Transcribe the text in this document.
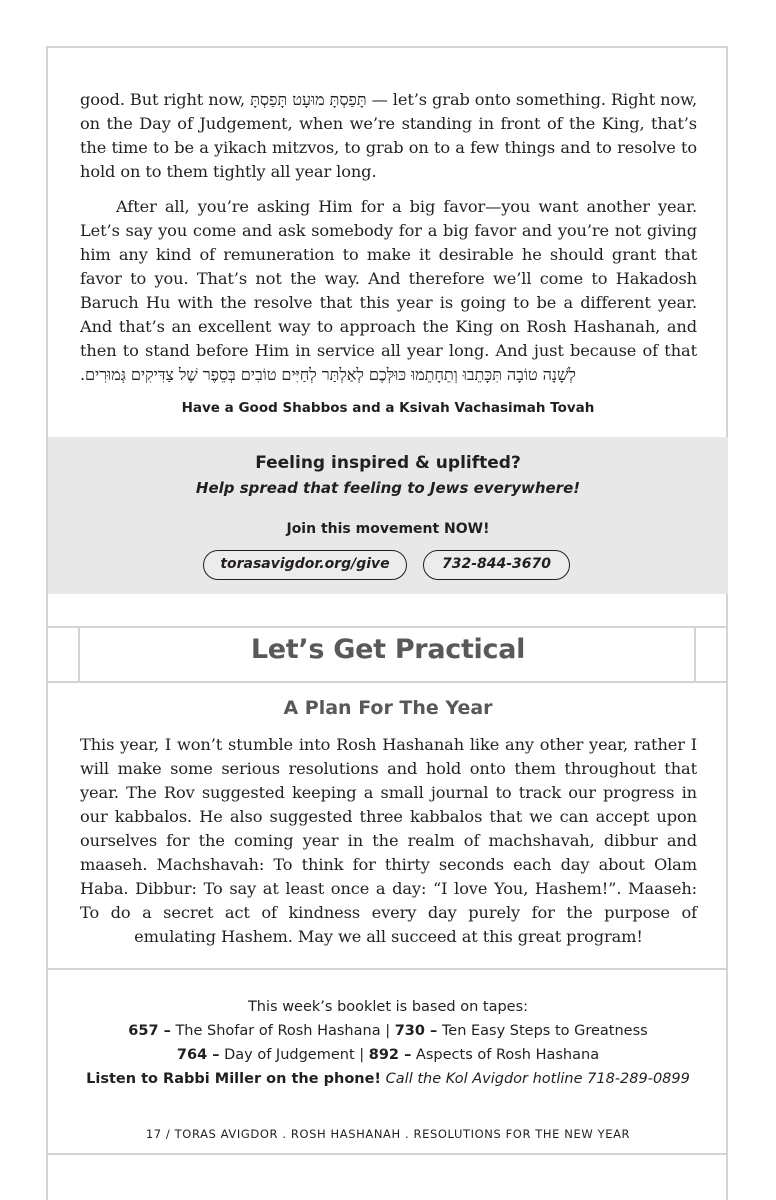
good. But right now, תָּפַסְתָּ מוּעָט תָּפַסְתָּ — let’s grab onto something. Right now, on the Day of Judgement, when we’re standing in front of the King, that’s the time to be a yikach mitzvos, to grab on to a few things and to resolve to hold on to them tightly all year long.

After all, you’re asking Him for a big favor—you want another year. Let’s say you come and ask somebody for a big favor and you’re not giving him any kind of remuneration to make it desirable he should grant that favor to you. That’s not the way. And therefore we’ll come to Hakadosh Baruch Hu with the resolve that this year is going to be a different year. And that’s an excellent way to approach the King on Rosh Hashanah, and then to stand before Him in service all year long. And just because of that לְשָׁנָה טוֹבָה תִּכָּתֵבוּ וְתֵחָתֵמוּ כּוּלְּכֶם לְאַלְתַּר לְחַיִּים טוֹבִים בְּסֵפֶר שֶׁל צַדִּיקִים גְּמוּרִים.

Have a Good Shabbos and a Ksivah Vachasimah Tovah
Feeling inspired & uplifted?
Help spread that feeling to Jews everywhere!
Join this movement NOW!
torasavigdor.org/give	732-844-3670
Let’s Get Practical
A Plan For The Year
This year, I won’t stumble into Rosh Hashanah like any other year, rather I will make some serious resolutions and hold onto them throughout that year. The Rov suggested keeping a small journal to track our progress in our kabbalos. He also suggested three kabbalos that we can accept upon ourselves for the coming year in the realm of machshavah, dibbur and maaseh. Machshavah: To think for thirty seconds each day about Olam Haba. Dibbur: To say at least once a day: “I love You, Hashem!”. Maaseh: To do a secret act of kindness every day purely for the purpose of emulating Hashem. May we all succeed at this great program!
This week’s booklet is based on tapes:
657 – The Shofar of Rosh Hashana | 730 – Ten Easy Steps to Greatness
764 – Day of Judgement | 892 – Aspects of Rosh Hashana
Listen to Rabbi Miller on the phone! Call the Kol Avigdor hotline 718-289-0899
17 / TORAS AVIGDOR . ROSH HASHANAH . RESOLUTIONS FOR THE NEW YEAR
